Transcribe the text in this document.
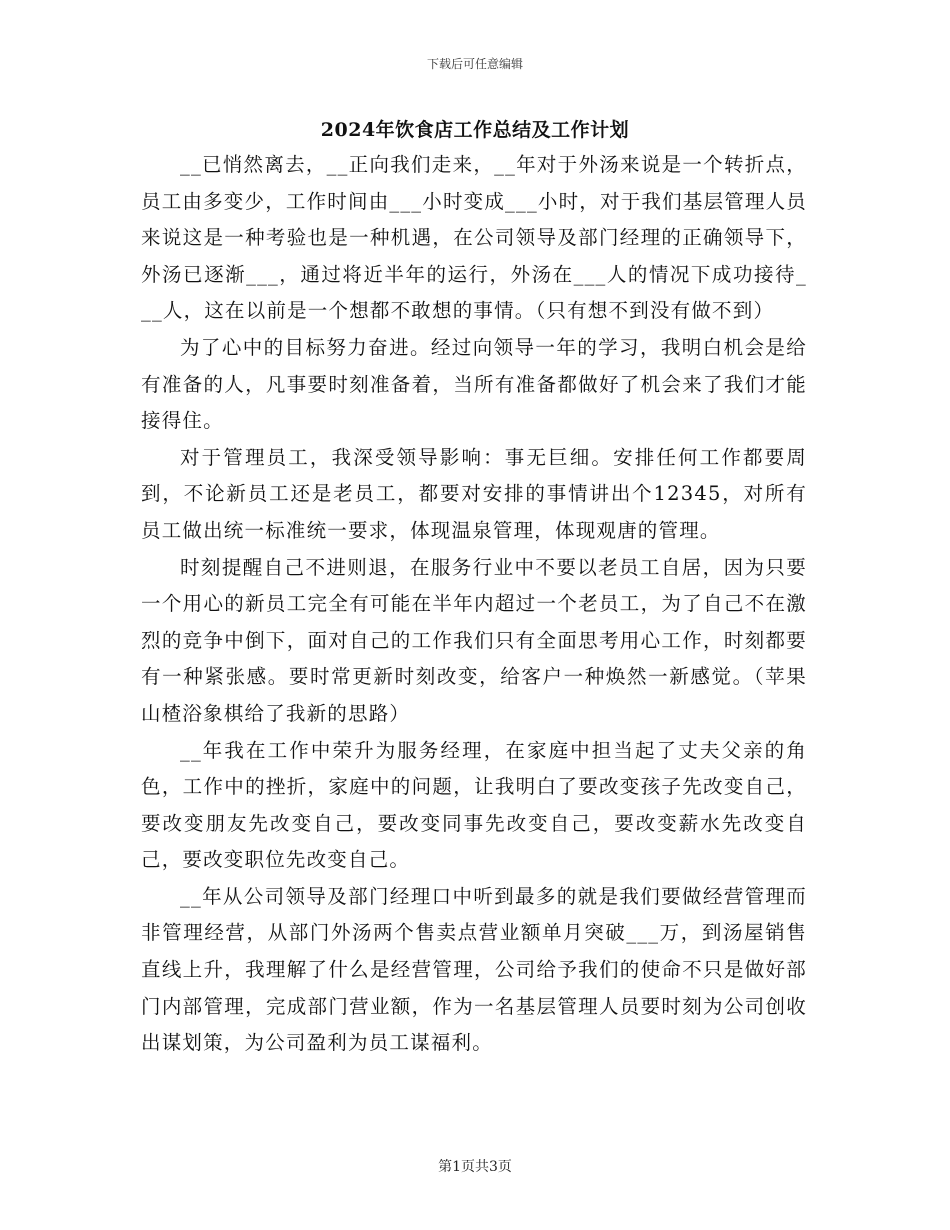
下载后可任意编辑
2024年饮食店工作总结及工作计划

__已悄然离去，__正向我们走来，__年对于外汤来说是一个转折点，员工由多变少，工作时间由___小时变成___小时，对于我们基层管理人员来说这是一种考验也是一种机遇，在公司领导及部门经理的正确领导下，外汤已逐渐___，通过将近半年的运行，外汤在___人的情况下成功接待___人，这在以前是一个想都不敢想的事情。（只有想不到没有做不到）

为了心中的目标努力奋进。经过向领导一年的学习，我明白机会是给有准备的人，凡事要时刻准备着，当所有准备都做好了机会来了我们才能接得住。

对于管理员工，我深受领导影响：事无巨细。安排任何工作都要周到，不论新员工还是老员工，都要对安排的事情讲出个12345，对所有员工做出统一标准统一要求，体现温泉管理，体现观唐的管理。

时刻提醒自己不进则退，在服务行业中不要以老员工自居，因为只要一个用心的新员工完全有可能在半年内超过一个老员工，为了自己不在激烈的竞争中倒下，面对自己的工作我们只有全面思考用心工作，时刻都要有一种紧张感。要时常更新时刻改变，给客户一种焕然一新感觉。（苹果山楂浴象棋给了我新的思路）

__年我在工作中荣升为服务经理，在家庭中担当起了丈夫父亲的角色，工作中的挫折，家庭中的问题，让我明白了要改变孩子先改变自己，要改变朋友先改变自己，要改变同事先改变自己，要改变薪水先改变自己，要改变职位先改变自己。

__年从公司领导及部门经理口中听到最多的就是我们要做经营管理而非管理经营，从部门外汤两个售卖点营业额单月突破___万，到汤屋销售直线上升，我理解了什么是经营管理，公司给予我们的使命不只是做好部门内部管理，完成部门营业额，作为一名基层管理人员要时刻为公司创收出谋划策，为公司盈利为员工谋福利。

第1页共3页
